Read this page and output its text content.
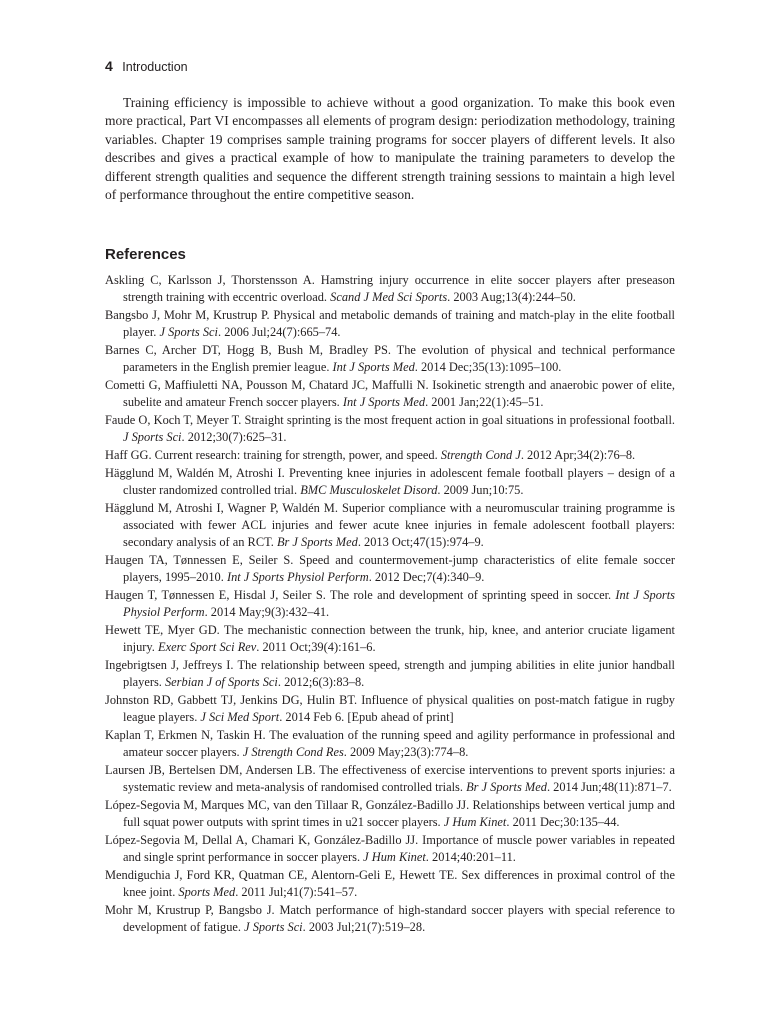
4 Introduction

Training efficiency is impossible to achieve without a good organization. To make this book even more practical, Part VI encompasses all elements of program design: periodization methodology, training variables. Chapter 19 comprises sample training programs for soccer players of different levels. It also describes and gives a practical example of how to manipulate the training parameters to develop the different strength qualities and sequence the different strength training sessions to maintain a high level of performance throughout the entire competitive season.

References
Askling C, Karlsson J, Thorstensson A. Hamstring injury occurrence in elite soccer players after preseason strength training with eccentric overload. Scand J Med Sci Sports. 2003 Aug;13(4):244–50.
Bangsbo J, Mohr M, Krustrup P. Physical and metabolic demands of training and match-play in the elite football player. J Sports Sci. 2006 Jul;24(7):665–74.
Barnes C, Archer DT, Hogg B, Bush M, Bradley PS. The evolution of physical and technical performance parameters in the English premier league. Int J Sports Med. 2014 Dec;35(13):1095–100.
Cometti G, Maffiuletti NA, Pousson M, Chatard JC, Maffulli N. Isokinetic strength and anaerobic power of elite, subelite and amateur French soccer players. Int J Sports Med. 2001 Jan;22(1):45–51.
Faude O, Koch T, Meyer T. Straight sprinting is the most frequent action in goal situations in professional football. J Sports Sci. 2012;30(7):625–31.
Haff GG. Current research: training for strength, power, and speed. Strength Cond J. 2012 Apr;34(2):76–8.
Hägglund M, Waldén M, Atroshi I. Preventing knee injuries in adolescent female football players – design of a cluster randomized controlled trial. BMC Musculoskelet Disord. 2009 Jun;10:75.
Hägglund M, Atroshi I, Wagner P, Waldén M. Superior compliance with a neuromuscular training programme is associated with fewer ACL injuries and fewer acute knee injuries in female adolescent football players: secondary analysis of an RCT. Br J Sports Med. 2013 Oct;47(15):974–9.
Haugen TA, Tønnessen E, Seiler S. Speed and countermovement-jump characteristics of elite female soccer players, 1995–2010. Int J Sports Physiol Perform. 2012 Dec;7(4):340–9.
Haugen T, Tønnessen E, Hisdal J, Seiler S. The role and development of sprinting speed in soccer. Int J Sports Physiol Perform. 2014 May;9(3):432–41.
Hewett TE, Myer GD. The mechanistic connection between the trunk, hip, knee, and anterior cruciate ligament injury. Exerc Sport Sci Rev. 2011 Oct;39(4):161–6.
Ingebrigtsen J, Jeffreys I. The relationship between speed, strength and jumping abilities in elite junior handball players. Serbian J of Sports Sci. 2012;6(3):83–8.
Johnston RD, Gabbett TJ, Jenkins DG, Hulin BT. Influence of physical qualities on post-match fatigue in rugby league players. J Sci Med Sport. 2014 Feb 6. [Epub ahead of print]
Kaplan T, Erkmen N, Taskin H. The evaluation of the running speed and agility performance in professional and amateur soccer players. J Strength Cond Res. 2009 May;23(3):774–8.
Laursen JB, Bertelsen DM, Andersen LB. The effectiveness of exercise interventions to prevent sports injuries: a systematic review and meta-analysis of randomised controlled trials. Br J Sports Med. 2014 Jun;48(11):871–7.
López-Segovia M, Marques MC, van den Tillaar R, González-Badillo JJ. Relationships between vertical jump and full squat power outputs with sprint times in u21 soccer players. J Hum Kinet. 2011 Dec;30:135–44.
López-Segovia M, Dellal A, Chamari K, González-Badillo JJ. Importance of muscle power variables in repeated and single sprint performance in soccer players. J Hum Kinet. 2014;40:201–11.
Mendiguchia J, Ford KR, Quatman CE, Alentorn-Geli E, Hewett TE. Sex differences in proximal control of the knee joint. Sports Med. 2011 Jul;41(7):541–57.
Mohr M, Krustrup P, Bangsbo J. Match performance of high-standard soccer players with special reference to development of fatigue. J Sports Sci. 2003 Jul;21(7):519–28.
